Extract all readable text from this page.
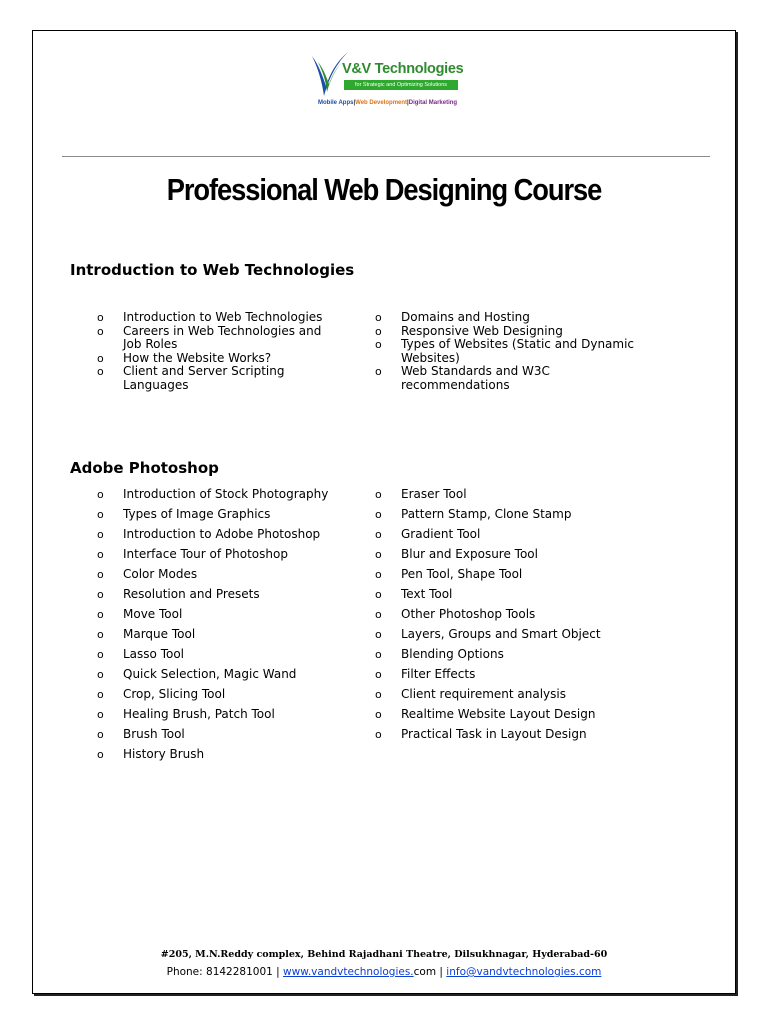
V&V Technologies
for Strategic and Optimizing Solutions
Mobile Apps|Web Development|Digital Marketing
Professional Web Designing Course
Introduction to Web Technologies
o Introduction to Web Technologies
o Careers in Web Technologies and Job Roles
o How the Website Works?
o Client and Server Scripting Languages
o Domains and Hosting
o Responsive Web Designing
o Types of Websites (Static and Dynamic Websites)
o Web Standards and W3C recommendations
Adobe Photoshop
o Introduction of Stock Photography
o Types of Image Graphics
o Introduction to Adobe Photoshop
o Interface Tour of Photoshop
o Color Modes
o Resolution and Presets
o Move Tool
o Marque Tool
o Lasso Tool
o Quick Selection, Magic Wand
o Crop, Slicing Tool
o Healing Brush, Patch Tool
o Brush Tool
o History Brush
o Eraser Tool
o Pattern Stamp, Clone Stamp
o Gradient Tool
o Blur and Exposure Tool
o Pen Tool, Shape Tool
o Text Tool
o Other Photoshop Tools
o Layers, Groups and Smart Object
o Blending Options
o Filter Effects
o Client requirement analysis
o Realtime Website Layout Design
o Practical Task in Layout Design
#205, M.N.Reddy complex, Behind Rajadhani Theatre, Dilsukhnagar, Hyderabad-60
Phone: 8142281001 | www.vandvtechnologies.com | info@vandvtechnologies.com
